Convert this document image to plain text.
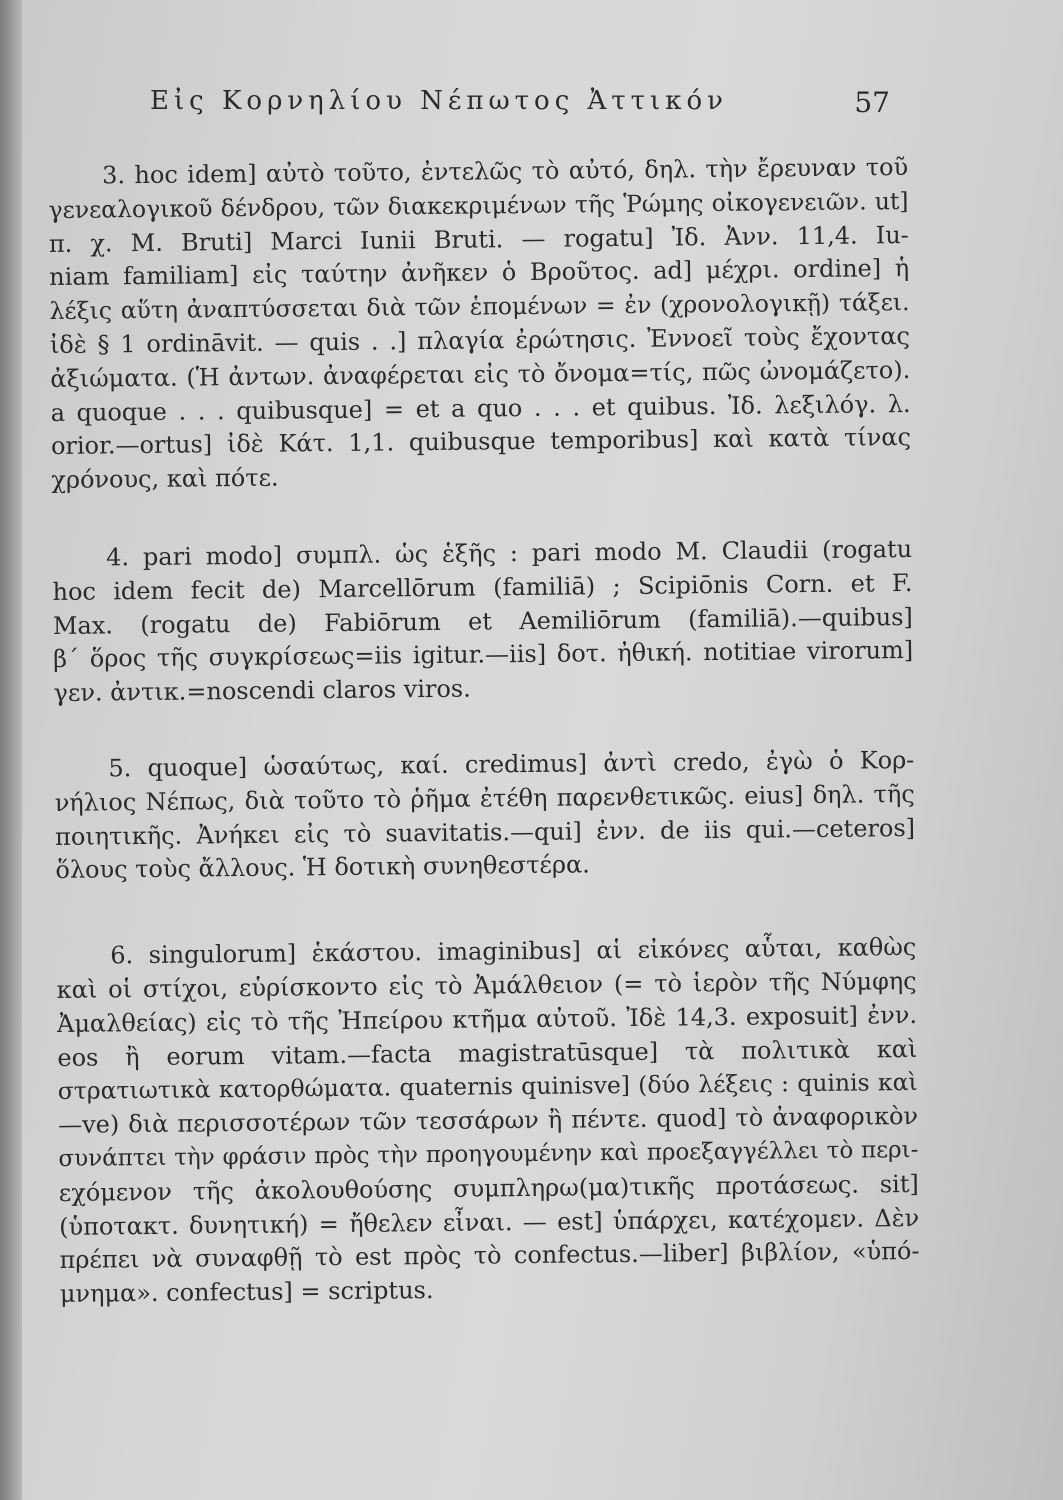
Εἰς Κορνηλίου Νέπωτος Ἀττικόν	57
3. hoc idem] αὐτὸ τοῦτο, ἐντελῶς τὸ αὐτό, δηλ. τὴν ἔρευναν τοῦ
γενεαλογικοῦ δένδρου, τῶν διακεκριμένων τῆς Ῥώμης οἰκογενειῶν. ut]
π. χ. M. Bruti] Marci Iunii Bruti. — rogatu] Ἰδ. Ἀνν. 11,4. Iu-
niam familiam] εἰς ταύτην ἀνῆκεν ὁ Βροῦτος. ad] μέχρι. ordine] ἡ
λέξις αὕτη ἀναπτύσσεται διὰ τῶν ἑπομένων = ἐν (χρονολογικῇ) τάξει.
ἰδὲ § 1 ordināvit. — quis . .] πλαγία ἐρώτησις. Ἐννοεῖ τοὺς ἔχοντας
ἀξιώματα. (Ἡ ἀντων. ἀναφέρεται εἰς τὸ ὄνομα=τίς, πῶς ὠνομάζετο).
a quoque . . . quibusque] = et a quo . . . et quibus. Ἰδ. λεξιλόγ. λ.
orior.—ortus] ἰδὲ Κάτ. 1,1. quibusque temporibus] καὶ κατὰ τίνας
χρόνους, καὶ πότε.
4. pari modo] συμπλ. ὡς ἑξῆς : pari modo M. Claudii (rogatu
hoc idem fecit de) Marcellōrum (familiā) ; Scipiōnis Corn. et F.
Max. (rogatu de) Fabiōrum et Aemiliōrum (familiā).—quibus]
β΄ ὅρος τῆς συγκρίσεως=iis igitur.—iis] δοτ. ἠθική. notitiae virorum]
γεν. ἀντικ.=noscendi claros viros.
5. quoque] ὡσαύτως, καί. credimus] ἀντὶ credo, ἐγὼ ὁ Κορ-
νήλιος Νέπως, διὰ τοῦτο τὸ ῥῆμα ἐτέθη παρενθετικῶς. eius] δηλ. τῆς
ποιητικῆς. Ἀνήκει εἰς τὸ suavitatis.—qui] ἐνν. de iis qui.—ceteros]
ὅλους τοὺς ἄλλους. Ἡ δοτικὴ συνηθεστέρα.
6. singulorum] ἑκάστου. imaginibus] αἱ εἰκόνες αὗται, καθὼς
καὶ οἱ στίχοι, εὑρίσκοντο εἰς τὸ Ἀμάλθειον (= τὸ ἱερὸν τῆς Νύμφης
Ἀμαλθείας) εἰς τὸ τῆς Ἠπείρου κτῆμα αὐτοῦ. Ἰδὲ 14,3. exposuit] ἐνν.
eos ἢ eorum vitam.—facta magistratūsque] τὰ πολιτικὰ καὶ
στρατιωτικὰ κατορθώματα. quaternis quinisve] (δύο λέξεις : quinis καὶ
—ve) διὰ περισσοτέρων τῶν τεσσάρων ἢ πέντε. quod] τὸ ἀναφορικὸν
συνάπτει τὴν φράσιν πρὸς τὴν προηγουμένην καὶ προεξαγγέλλει τὸ περι-
εχόμενον τῆς ἀκολουθούσης συμπληρω(μα)τικῆς προτάσεως. sit]
(ὑποτακτ. δυνητική) = ἤθελεν εἶναι. — est] ὑπάρχει, κατέχομεν. Δὲν
πρέπει νὰ συναφθῇ τὸ est πρὸς τὸ confectus.—liber] βιβλίον, «ὑπό-
μνημα». confectus] = scriptus.
